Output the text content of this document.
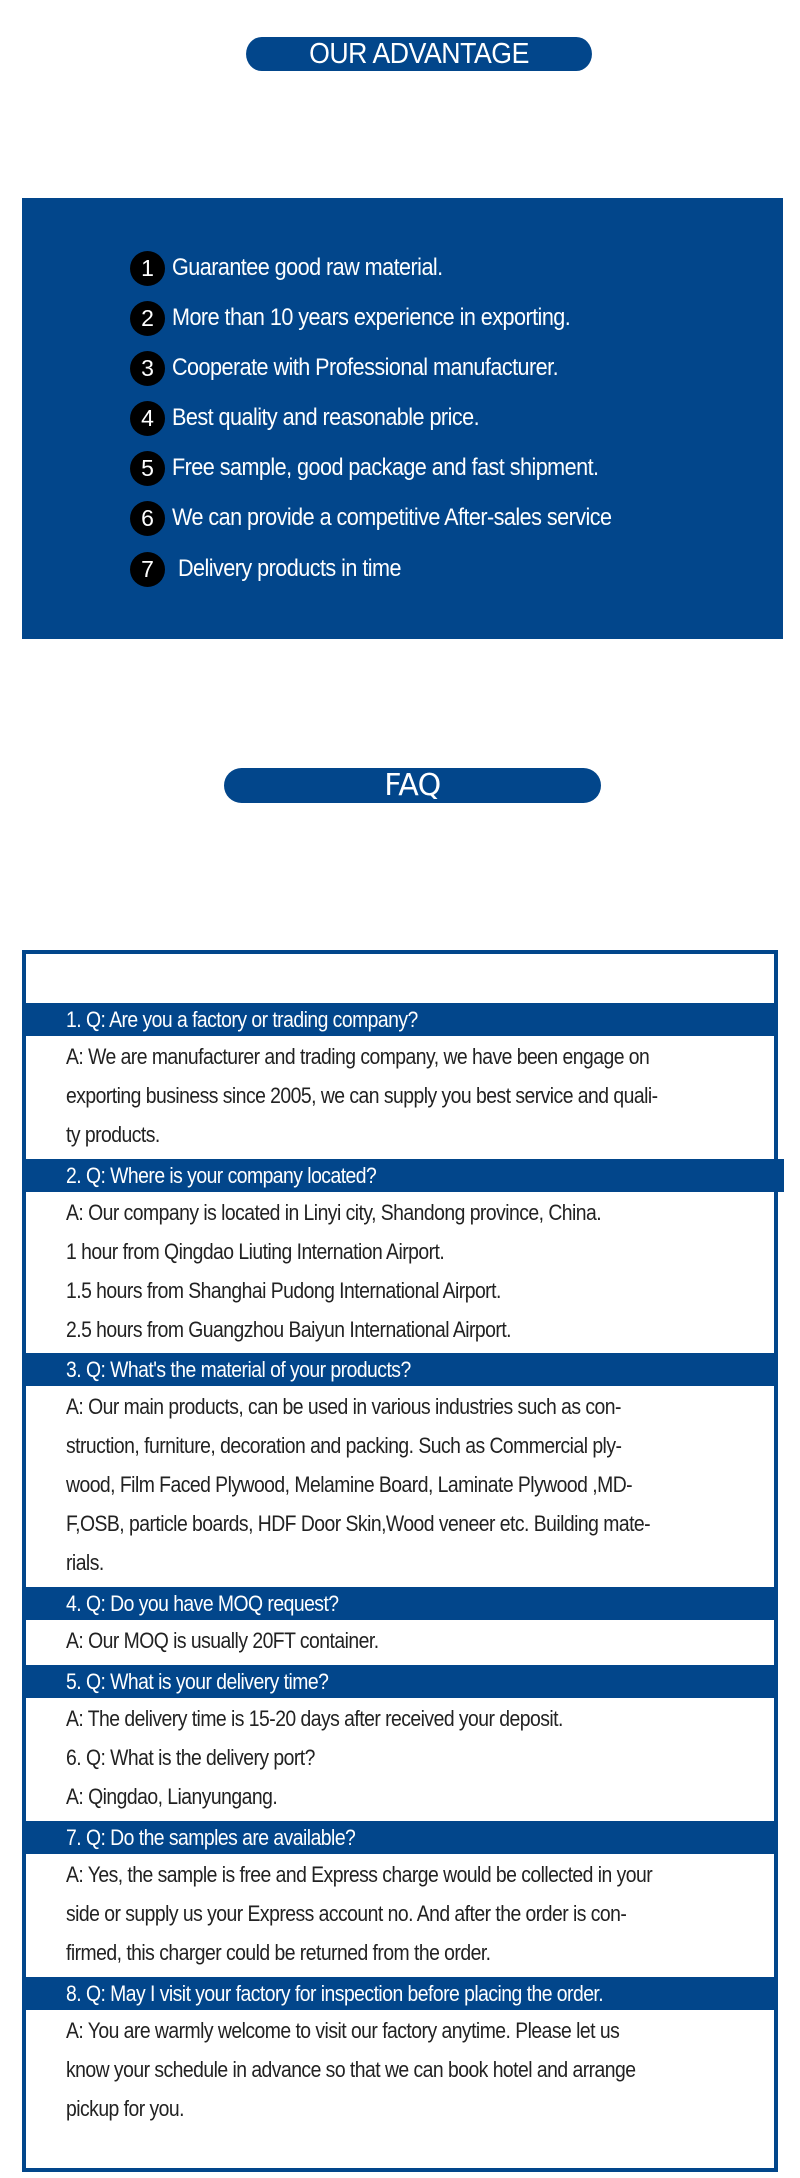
OUR ADVANTAGE
1 Guarantee good raw material.
2 More than 10 years experience in exporting.
3 Cooperate with Professional manufacturer.
4 Best quality and reasonable price.
5 Free sample, good package and fast shipment.
6 We can provide a competitive After-sales service
7	Delivery products in time
FAQ
1. Q: Are you a factory or trading company?
A: We are manufacturer and trading company, we have been engage on
exporting business since 2005, we can supply you best service and quali-
ty products.
2. Q: Where is your company located?
A: Our company is located in Linyi city, Shandong province, China.
1 hour from Qingdao Liuting Internation Airport.
1.5 hours from Shanghai Pudong International Airport.
2.5 hours from Guangzhou Baiyun International Airport.
3. Q: What's the material of your products?
A: Our main products, can be used in various industries such as con-
struction, furniture, decoration and packing. Such as Commercial ply-
wood, Film Faced Plywood, Melamine Board, Laminate Plywood ,MD-
F,OSB, particle boards, HDF Door Skin,Wood veneer etc. Building mate-
rials.
4. Q: Do you have MOQ request?
A: Our MOQ is usually 20FT container.
5. Q: What is your delivery time?
A: The delivery time is 15-20 days after received your deposit.
6. Q: What is the delivery port?
A: Qingdao, Lianyungang.
7. Q: Do the samples are available?
A: Yes, the sample is free and Express charge would be collected in your
side or supply us your Express account no. And after the order is con-
firmed, this charger could be returned from the order.
8. Q: May I visit your factory for inspection before placing the order.
A: You are warmly welcome to visit our factory anytime. Please let us
know your schedule in advance so that we can book hotel and arrange
pickup for you.
